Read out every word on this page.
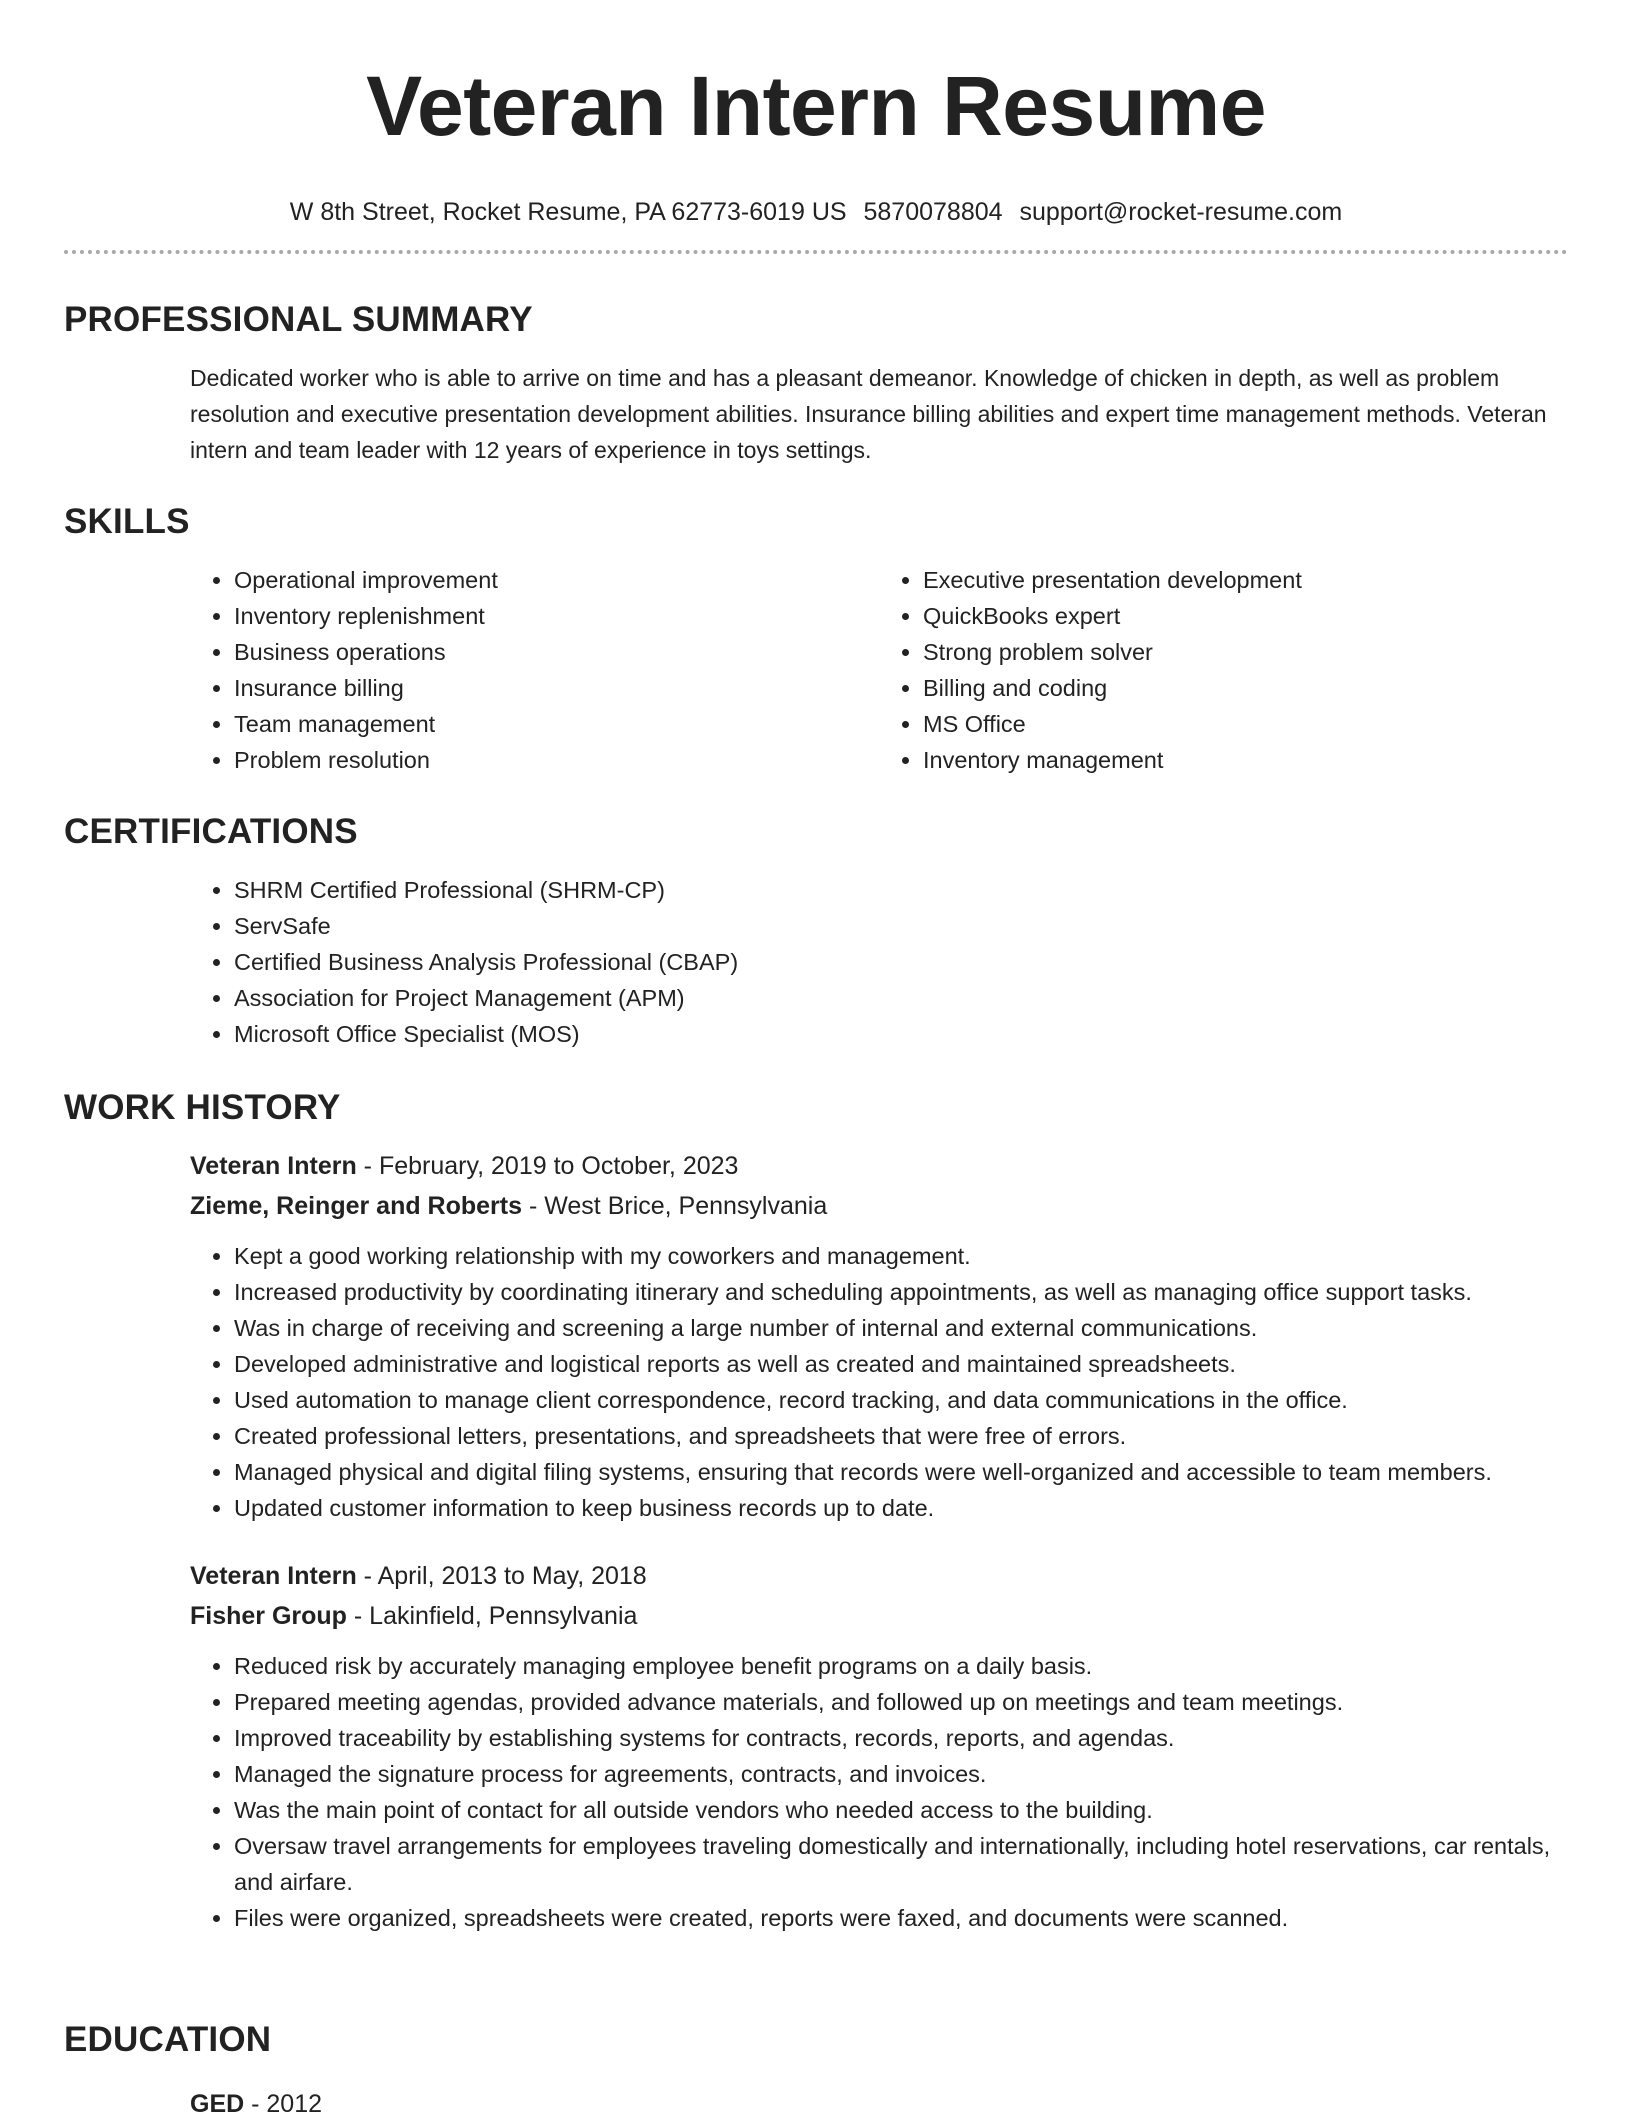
Veteran Intern Resume
W 8th Street, Rocket Resume, PA 62773-6019 US 5870078804 support@rocket-resume.com
PROFESSIONAL SUMMARY
Dedicated worker who is able to arrive on time and has a pleasant demeanor. Knowledge of chicken in depth, as well as problem resolution and executive presentation development abilities. Insurance billing abilities and expert time management methods. Veteran intern and team leader with 12 years of experience in toys settings.
SKILLS
• Operational improvement
• Inventory replenishment
• Business operations
• Insurance billing
• Team management
• Problem resolution
• Executive presentation development
• QuickBooks expert
• Strong problem solver
• Billing and coding
• MS Office
• Inventory management
CERTIFICATIONS
• SHRM Certified Professional (SHRM-CP)
• ServSafe
• Certified Business Analysis Professional (CBAP)
• Association for Project Management (APM)
• Microsoft Office Specialist (MOS)
WORK HISTORY
Veteran Intern - February, 2019 to October, 2023
Zieme, Reinger and Roberts - West Brice, Pennsylvania
• Kept a good working relationship with my coworkers and management.
• Increased productivity by coordinating itinerary and scheduling appointments, as well as managing office support tasks.
• Was in charge of receiving and screening a large number of internal and external communications.
• Developed administrative and logistical reports as well as created and maintained spreadsheets.
• Used automation to manage client correspondence, record tracking, and data communications in the office.
• Created professional letters, presentations, and spreadsheets that were free of errors.
• Managed physical and digital filing systems, ensuring that records were well-organized and accessible to team members.
• Updated customer information to keep business records up to date.
Veteran Intern - April, 2013 to May, 2018
Fisher Group - Lakinfield, Pennsylvania
• Reduced risk by accurately managing employee benefit programs on a daily basis.
• Prepared meeting agendas, provided advance materials, and followed up on meetings and team meetings.
• Improved traceability by establishing systems for contracts, records, reports, and agendas.
• Managed the signature process for agreements, contracts, and invoices.
• Was the main point of contact for all outside vendors who needed access to the building.
• Oversaw travel arrangements for employees traveling domestically and internationally, including hotel reservations, car rentals, and airfare.
• Files were organized, spreadsheets were created, reports were faxed, and documents were scanned.
EDUCATION
GED - 2012
